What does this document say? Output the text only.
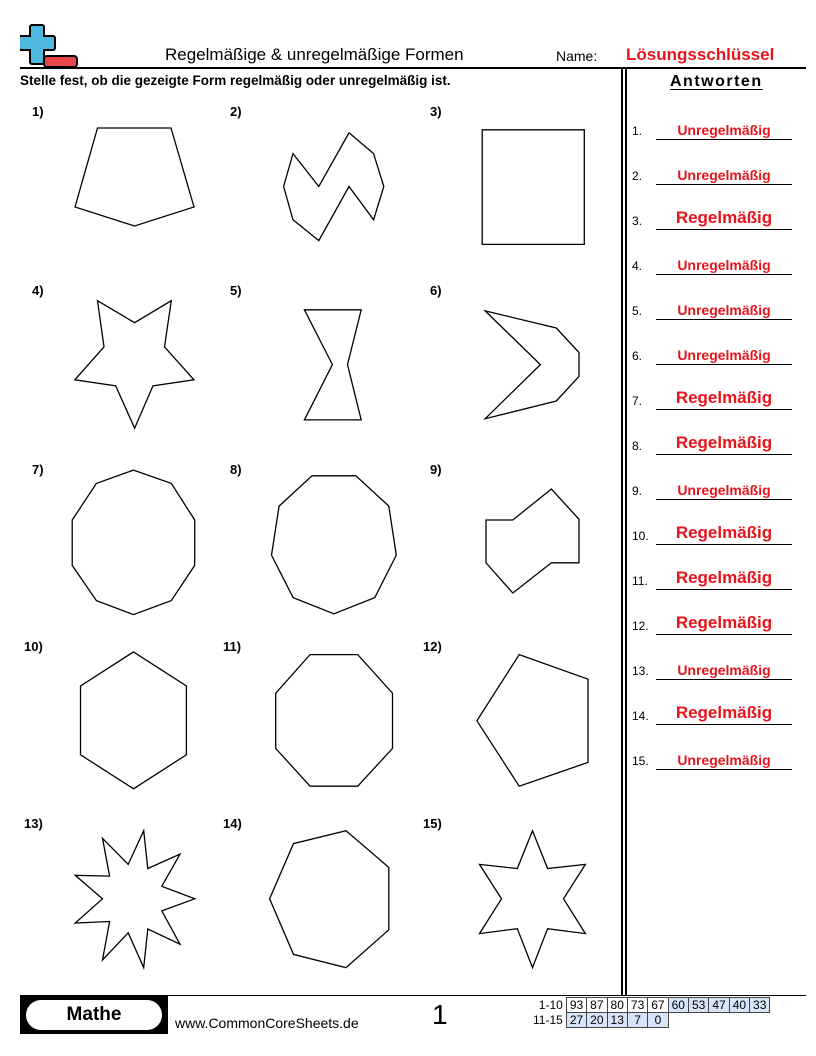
Regelmäßige & unregelmäßige Formen	Name: Lösungsschlüssel
Stelle fest, ob die gezeigte Form regelmäßig oder unregelmäßig ist.	Antworten
1)	2)	3)
4)	5)	6)
7)	8)	9)
10)	11)	12)
13)	14)	15)
1.	Unregelmäßig
2.	Unregelmäßig
3.	Regelmäßig
4.	Unregelmäßig
5.	Unregelmäßig
6.	Unregelmäßig
7.	Regelmäßig
8.	Regelmäßig
9.	Unregelmäßig
10.	Regelmäßig
11.	Regelmäßig
12.	Regelmäßig
13.	Unregelmäßig
14.	Regelmäßig
15.	Unregelmäßig
Mathe	www.CommonCoreSheets.de	1	1-10	93	87	80	73	67	60	53	47	40	33
11-15	27	20	13	7	0					
